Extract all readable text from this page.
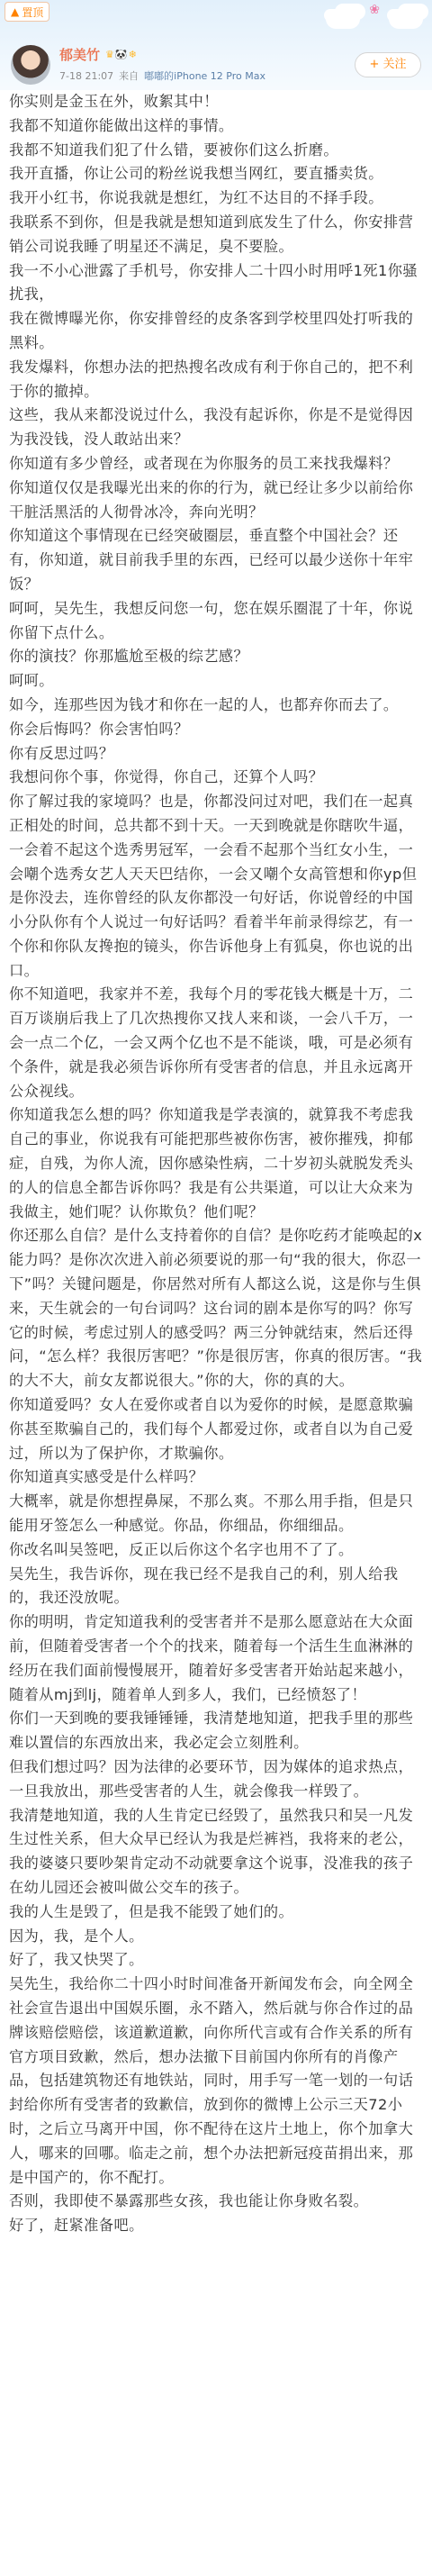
▲ 置顶	❀
郁美竹 ♛🐼❄
7-18 21:07 来自 嘟嘟的iPhone 12 Pro Max
+ 关注

你实则是金玉在外，败絮其中！

我都不知道你能做出这样的事情。

我都不知道我们犯了什么错，要被你们这么折磨。

我开直播，你让公司的粉丝说我想当网红，要直播卖货。

我开小红书，你说我就是想红，为红不达目的不择手段。

我联系不到你，但是我就是想知道到底发生了什么，你安排营销公司说我睡了明星还不满足，臭不要脸。

我一不小心泄露了手机号，你安排人二十四小时用呼1死1你骚扰我，

我在微博曝光你，你安排曾经的皮条客到学校里四处打听我的黑料。

我发爆料，你想办法的把热搜名改成有利于你自己的，把不利于你的撤掉。

这些，我从来都没说过什么，我没有起诉你，你是不是觉得因为我没钱，没人敢站出来？

你知道有多少曾经，或者现在为你服务的员工来找我爆料？

你知道仅仅是我曝光出来的你的行为，就已经让多少以前给你干脏活黑活的人彻骨冰冷，奔向光明？

你知道这个事情现在已经突破圈层，垂直整个中国社会？还有，你知道，就目前我手里的东西，已经可以最少送你十年牢饭？

呵呵，吴先生，我想反问您一句，您在娱乐圈混了十年，你说你留下点什么。

你的演技？你那尴尬至极的综艺感？

呵呵。

如今，连那些因为钱才和你在一起的人，也都弃你而去了。

你会后悔吗？你会害怕吗？

你有反思过吗？

我想问你个事，你觉得，你自己，还算个人吗？

你了解过我的家境吗？也是，你都没问过对吧，我们在一起真正相处的时间，总共都不到十天。一天到晚就是你瞎吹牛逼，一会着不起这个选秀男冠军，一会看不起那个当红女小生，一会嘲个选秀女艺人天天巴结你，一会又嘲个女高管想和你yp但是你没去，连你曾经的队友你都没一句好话，你说曾经的中国小分队你有个人说过一句好话吗？看着半年前录得综艺，有一个你和你队友搀抱的镜头，你告诉他身上有狐臭，你也说的出口。

你不知道吧，我家并不差，我每个月的零花钱大概是十万，二百万谈崩后我上了几次热搜你又找人来和谈，一会八千万，一会一点二个亿，一会又两个亿也不是不能谈，哦，可是必须有个条件，就是我必须告诉你所有受害者的信息，并且永远离开公众视线。

你知道我怎么想的吗？你知道我是学表演的，就算我不考虑我自己的事业，你说我有可能把那些被你伤害，被你摧残，抑郁症，自残，为你人流，因你感染性病，二十岁初头就脱发秃头的人的信息全都告诉你吗？我是有公共渠道，可以让大众来为我做主，她们呢？认你欺负？他们呢？

你还那么自信？是什么支持着你的自信？是你吃药才能唤起的x能力吗？是你次次进入前必须要说的那一句“我的很大，你忍一下”吗？关键问题是，你居然对所有人都这么说，这是你与生俱来，天生就会的一句台词吗？这台词的剧本是你写的吗？你写它的时候，考虑过别人的感受吗？两三分钟就结束，然后还得问，“怎么样？我很厉害吧？”你是很厉害，你真的很厉害。“我的大不大，前女友都说很大。”你的大，你的真的大。

你知道爱吗？女人在爱你或者自以为爱你的时候，是愿意欺骗你甚至欺骗自己的，我们每个人都爱过你，或者自以为自己爱过，所以为了保护你，才欺骗你。

你知道真实感受是什么样吗？

大概率，就是你想捏鼻屎，不那么爽。不那么用手指，但是只能用牙签怎么一种感觉。你品，你细品，你细细品。

你改名叫吴签吧，反正以后你这个名字也用不了了。

吴先生，我告诉你，现在我已经不是我自己的利，别人给我的，我还没放呢。

你的明明，肯定知道我利的受害者并不是那么愿意站在大众面前，但随着受害者一个个的找来，随着每一个活生生血淋淋的经历在我们面前慢慢展开，随着好多受害者开始站起来越小，随着从mj到lj，随着单人到多人，我们，已经愤怒了！

你们一天到晚的要我锤锤锤，我清楚地知道，把我手里的那些难以置信的东西放出来，我必定会立刻胜利。

但我们想过吗？因为法律的必要环节，因为媒体的追求热点，一旦我放出，那些受害者的人生，就会像我一样毁了。

我清楚地知道，我的人生肯定已经毁了，虽然我只和吴一凡发生过性关系，但大众早已经认为我是烂裤裆，我将来的老公，我的婆婆只要吵架肯定动不动就要拿这个说事，没准我的孩子在幼儿园还会被叫做公交车的孩子。

我的人生是毁了，但是我不能毁了她们的。

因为，我，是个人。

好了，我又快哭了。

吴先生，我给你二十四小时时间准备开新闻发布会，向全网全社会宣告退出中国娱乐圈，永不踏入，然后就与你合作过的品牌该赔偿赔偿，该道歉道歉，向你所代言或有合作关系的所有官方项目致歉，然后，想办法撤下目前国内你所有的肖像产品，包括建筑物还有地铁站，同时，用手写一笔一划的一句话封给你所有受害者的致歉信，放到你的微博上公示三天72小时，之后立马离开中国，你不配待在这片土地上，你个加拿大人，哪来的回哪。临走之前，想个办法把新冠疫苗捐出来，那是中国产的，你不配打。

否则，我即使不暴露那些女孩，我也能让你身败名裂。

好了，赶紧准备吧。
